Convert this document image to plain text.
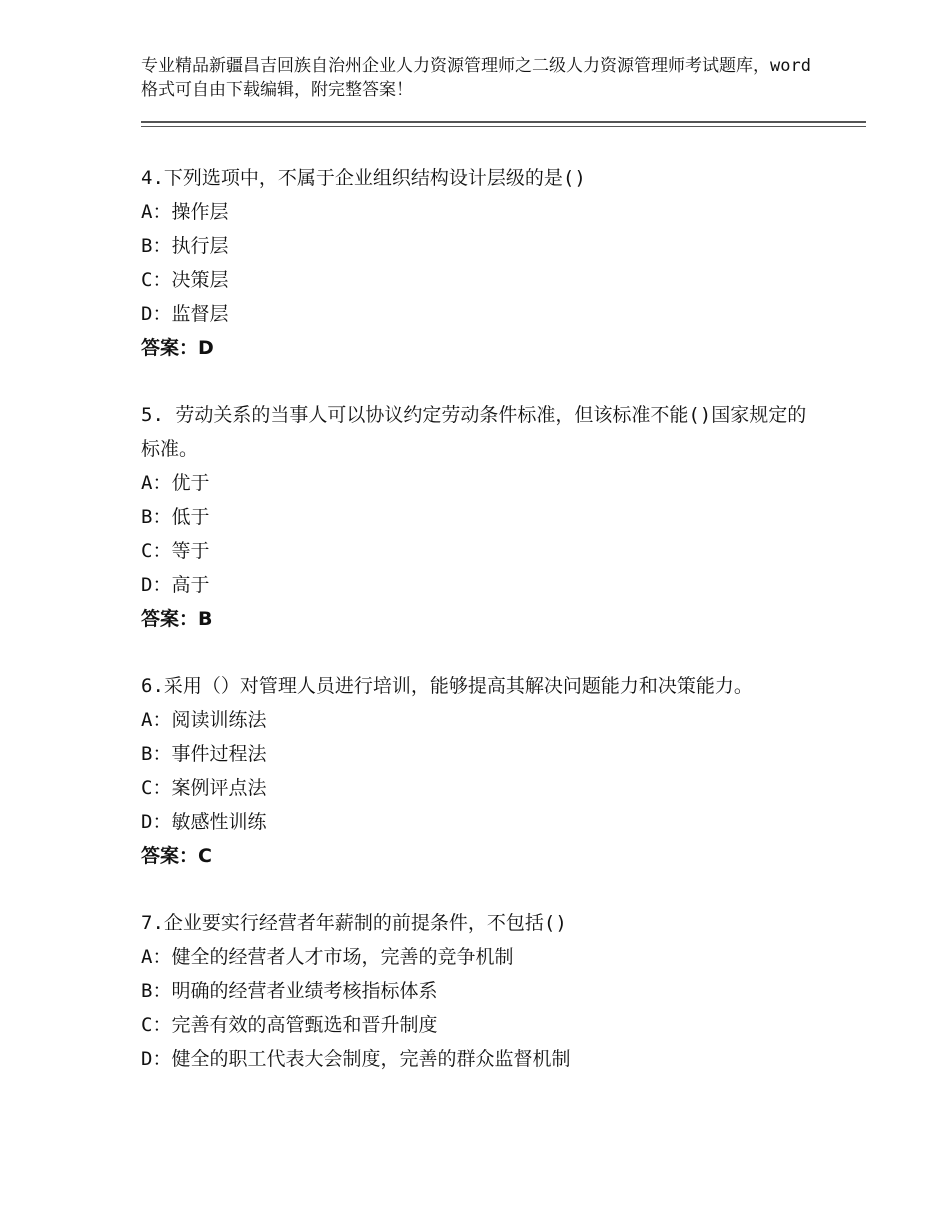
专业精品新疆昌吉回族自治州企业人力资源管理师之二级人力资源管理师考试题库，word格式可自由下载编辑，附完整答案！
4.下列选项中，不属于企业组织结构设计层级的是()
A：操作层
B：执行层
C：决策层
D：监督层
答案：D
5. 劳动关系的当事人可以协议约定劳动条件标准，但该标准不能()国家规定的标准。
A：优于
B：低于
C：等于
D：高于
答案：B
6.采用（）对管理人员进行培训，能够提高其解决问题能力和决策能力。
A：阅读训练法
B：事件过程法
C：案例评点法
D：敏感性训练
答案：C
7.企业要实行经营者年薪制的前提条件，不包括()
A：健全的经营者人才市场，完善的竞争机制
B：明确的经营者业绩考核指标体系
C：完善有效的高管甄选和晋升制度
D：健全的职工代表大会制度，完善的群众监督机制
